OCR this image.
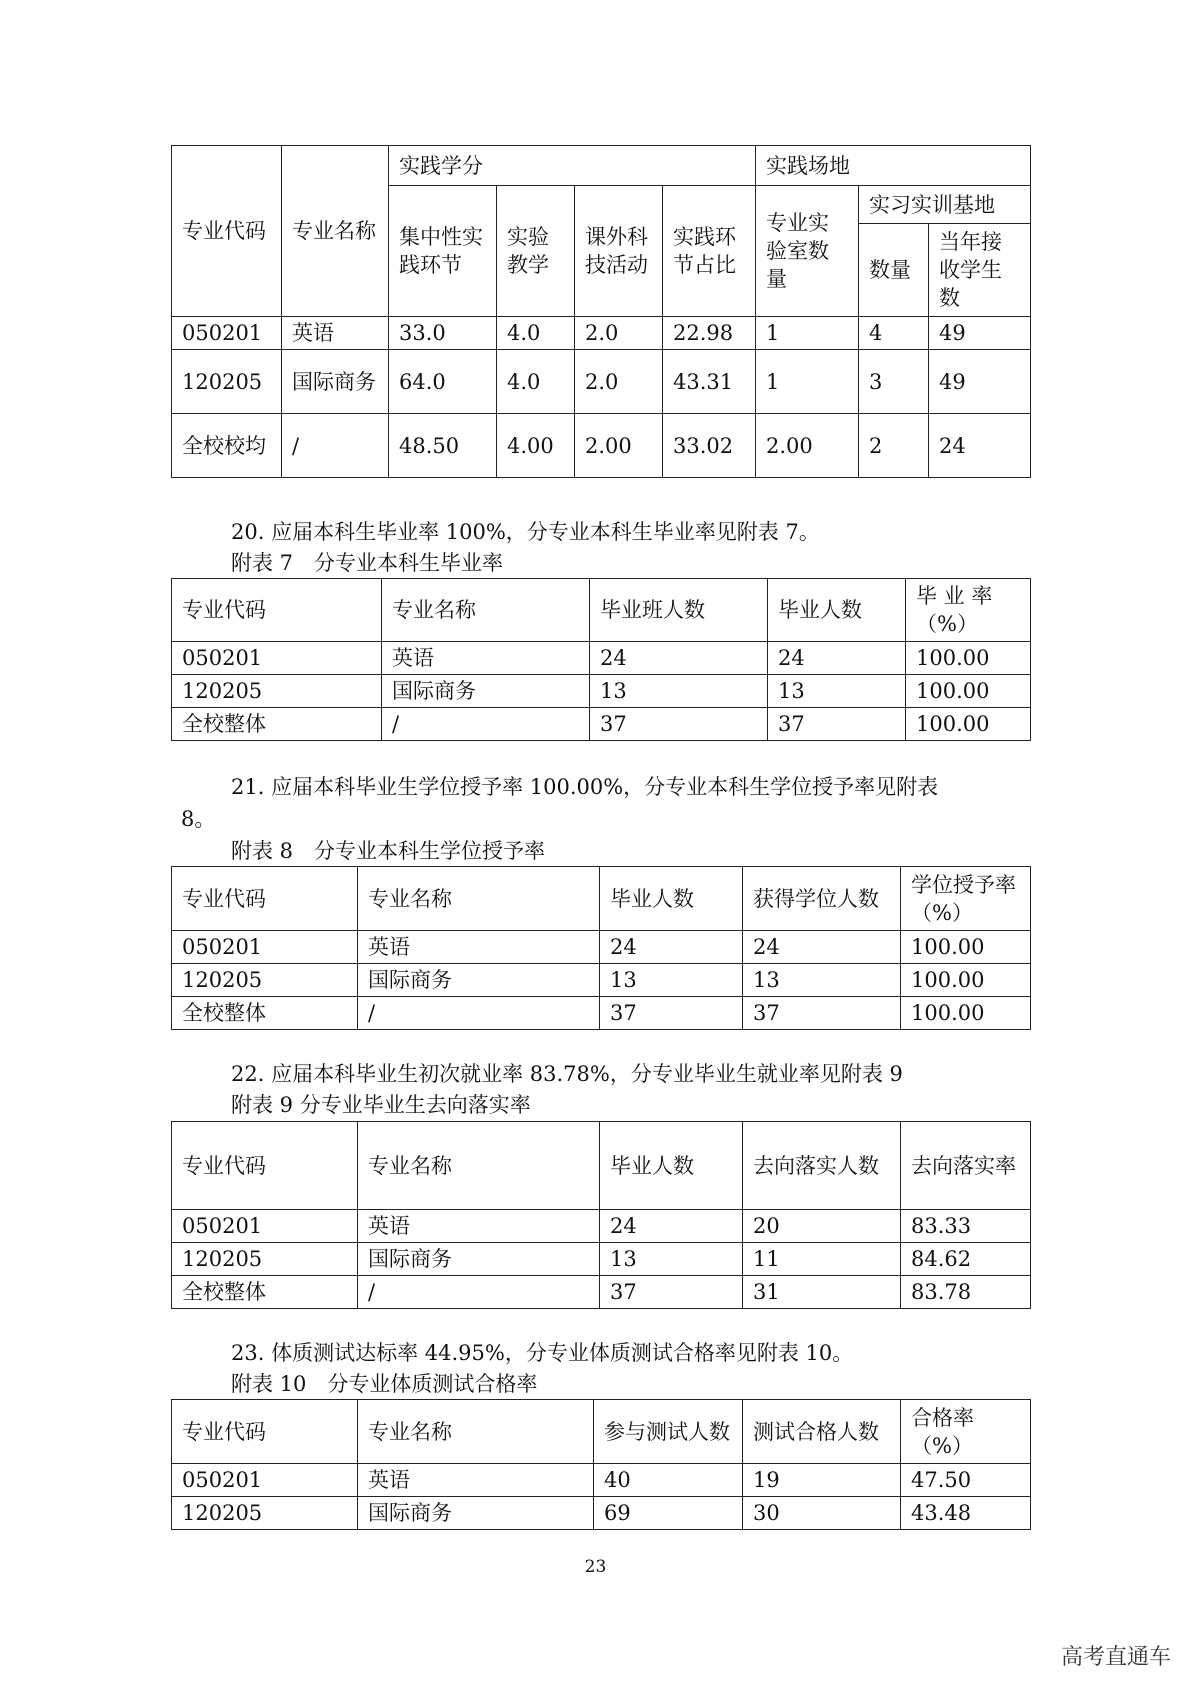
专业代码	专业名称	实践学分				实践场地		
		集中性实践环节	实验教学	课外科技活动	实践环节占比	专业实验室数量	实习实训基地	
							数量	当年接收学生数
050201	英语	33.0	4.0	2.0	22.98	1	4	49
120205	国际商务	64.0	4.0	2.0	43.31	1	3	49
全校校均	/	48.50	4.00	2.00	33.02	2.00	2	24

20. 应届本科生毕业率 100%，分专业本科生毕业率见附表 7。

附表 7　分专业本科生毕业率

专业代码	专业名称	毕业班人数	毕业人数	毕 业 率（%）
050201	英语	24	24	100.00
120205	国际商务	13	13	100.00
全校整体	/	37	37	100.00

21. 应届本科毕业生学位授予率 100.00%，分专业本科生学位授予率见附表

8。

附表 8　分专业本科生学位授予率

专业代码	专业名称	毕业人数	获得学位人数	学位授予率（%）
050201	英语	24	24	100.00
120205	国际商务	13	13	100.00
全校整体	/	37	37	100.00

22. 应届本科毕业生初次就业率 83.78%，分专业毕业生就业率见附表 9

附表 9 分专业毕业生去向落实率

专业代码	专业名称	毕业人数	去向落实人数	去向落实率
050201	英语	24	20	83.33
120205	国际商务	13	11	84.62
全校整体	/	37	31	83.78

23. 体质测试达标率 44.95%，分专业体质测试合格率见附表 10。

附表 10　分专业体质测试合格率

专业代码	专业名称	参与测试人数	测试合格人数	合格率（%）
050201	英语	40	19	47.50
120205	国际商务	69	30	43.48
23
高考直通车
